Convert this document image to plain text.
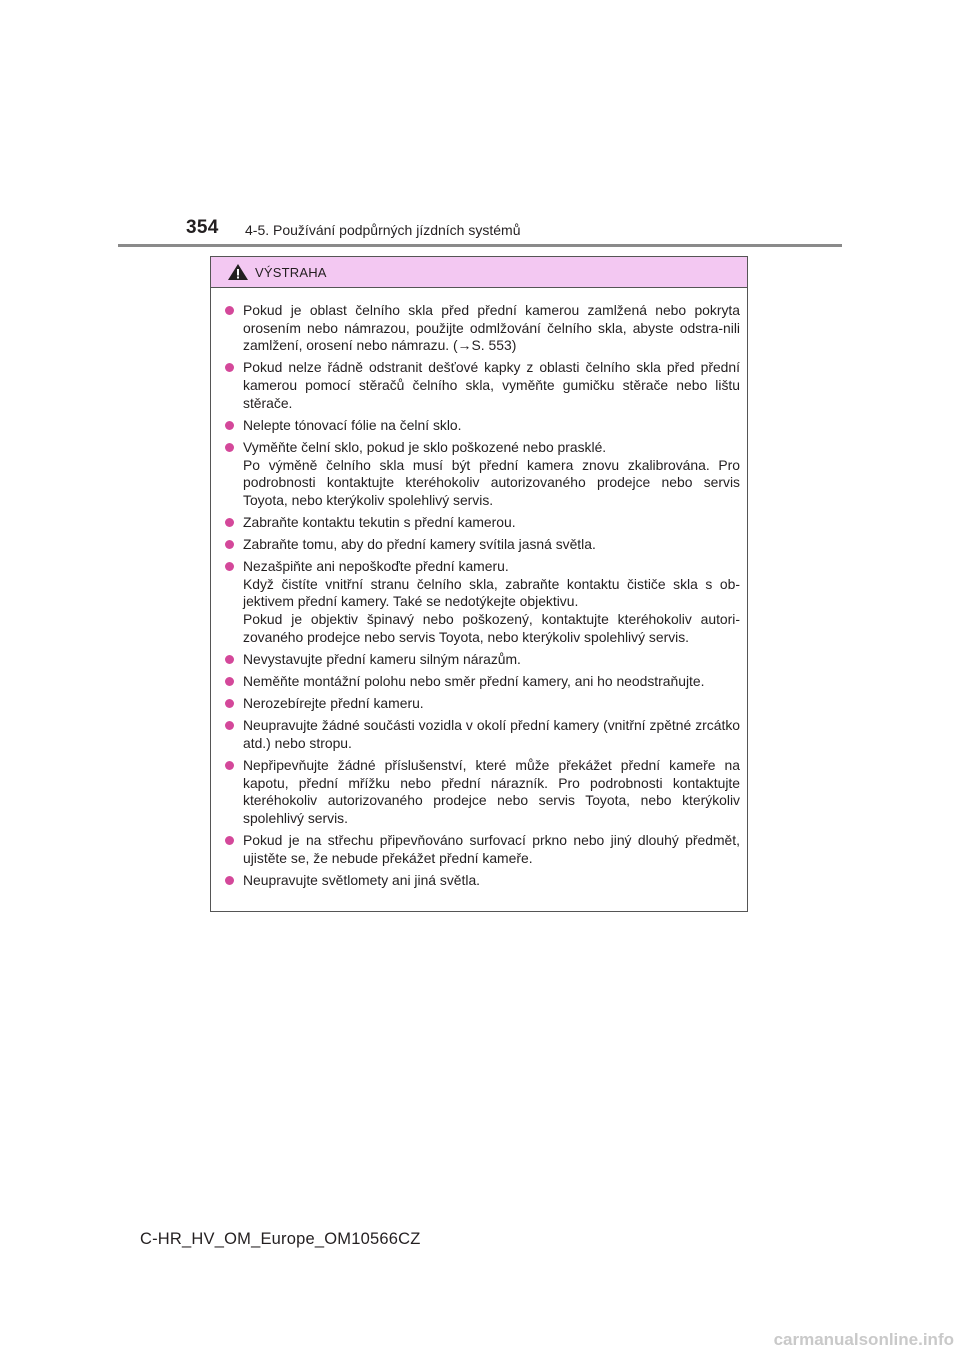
354 4-5. Používání podpůrných jízdních systémů
VÝSTRAHA
Pokud je oblast čelního skla před přední kamerou zamlžená nebo pokryta orosením nebo námrazou, použijte odmlžování čelního skla, abyste odstra-nili zamlžení, orosení nebo námrazu. (→S. 553)
Pokud nelze řádně odstranit dešťové kapky z oblasti čelního skla před přední kamerou pomocí stěračů čelního skla, vyměňte gumičku stěrače nebo lištu stěrače.
Nelepte tónovací fólie na čelní sklo.
Vyměňte čelní sklo, pokud je sklo poškozené nebo prasklé.
Po výměně čelního skla musí být přední kamera znovu zkalibrována. Pro podrobnosti kontaktujte kteréhokoliv autorizovaného prodejce nebo servis Toyota, nebo kterýkoliv spolehlivý servis.
Zabraňte kontaktu tekutin s přední kamerou.
Zabraňte tomu, aby do přední kamery svítila jasná světla.
Nezašpiňte ani nepoškoďte přední kameru.
Když čistíte vnitřní stranu čelního skla, zabraňte kontaktu čističe skla s ob-jektivem přední kamery. Také se nedotýkejte objektivu.
Pokud je objektiv špinavý nebo poškozený, kontaktujte kteréhokoliv autori-zovaného prodejce nebo servis Toyota, nebo kterýkoliv spolehlivý servis.
Nevystavujte přední kameru silným nárazům.
Neměňte montážní polohu nebo směr přední kamery, ani ho neodstraňujte.
Nerozebírejte přední kameru.
Neupravujte žádné součásti vozidla v okolí přední kamery (vnitřní zpětné zrcátko atd.) nebo stropu.
Nepřipevňujte žádné příslušenství, které může překážet přední kameře na kapotu, přední mřížku nebo přední nárazník. Pro podrobnosti kontaktujte kteréhokoliv autorizovaného prodejce nebo servis Toyota, nebo kterýkoliv spolehlivý servis.
Pokud je na střechu připevňováno surfovací prkno nebo jiný dlouhý předmět, ujistěte se, že nebude překážet přední kameře.
Neupravujte světlomety ani jiná světla.
C-HR_HV_OM_Europe_OM10566CZ
carmanualsonline.info
